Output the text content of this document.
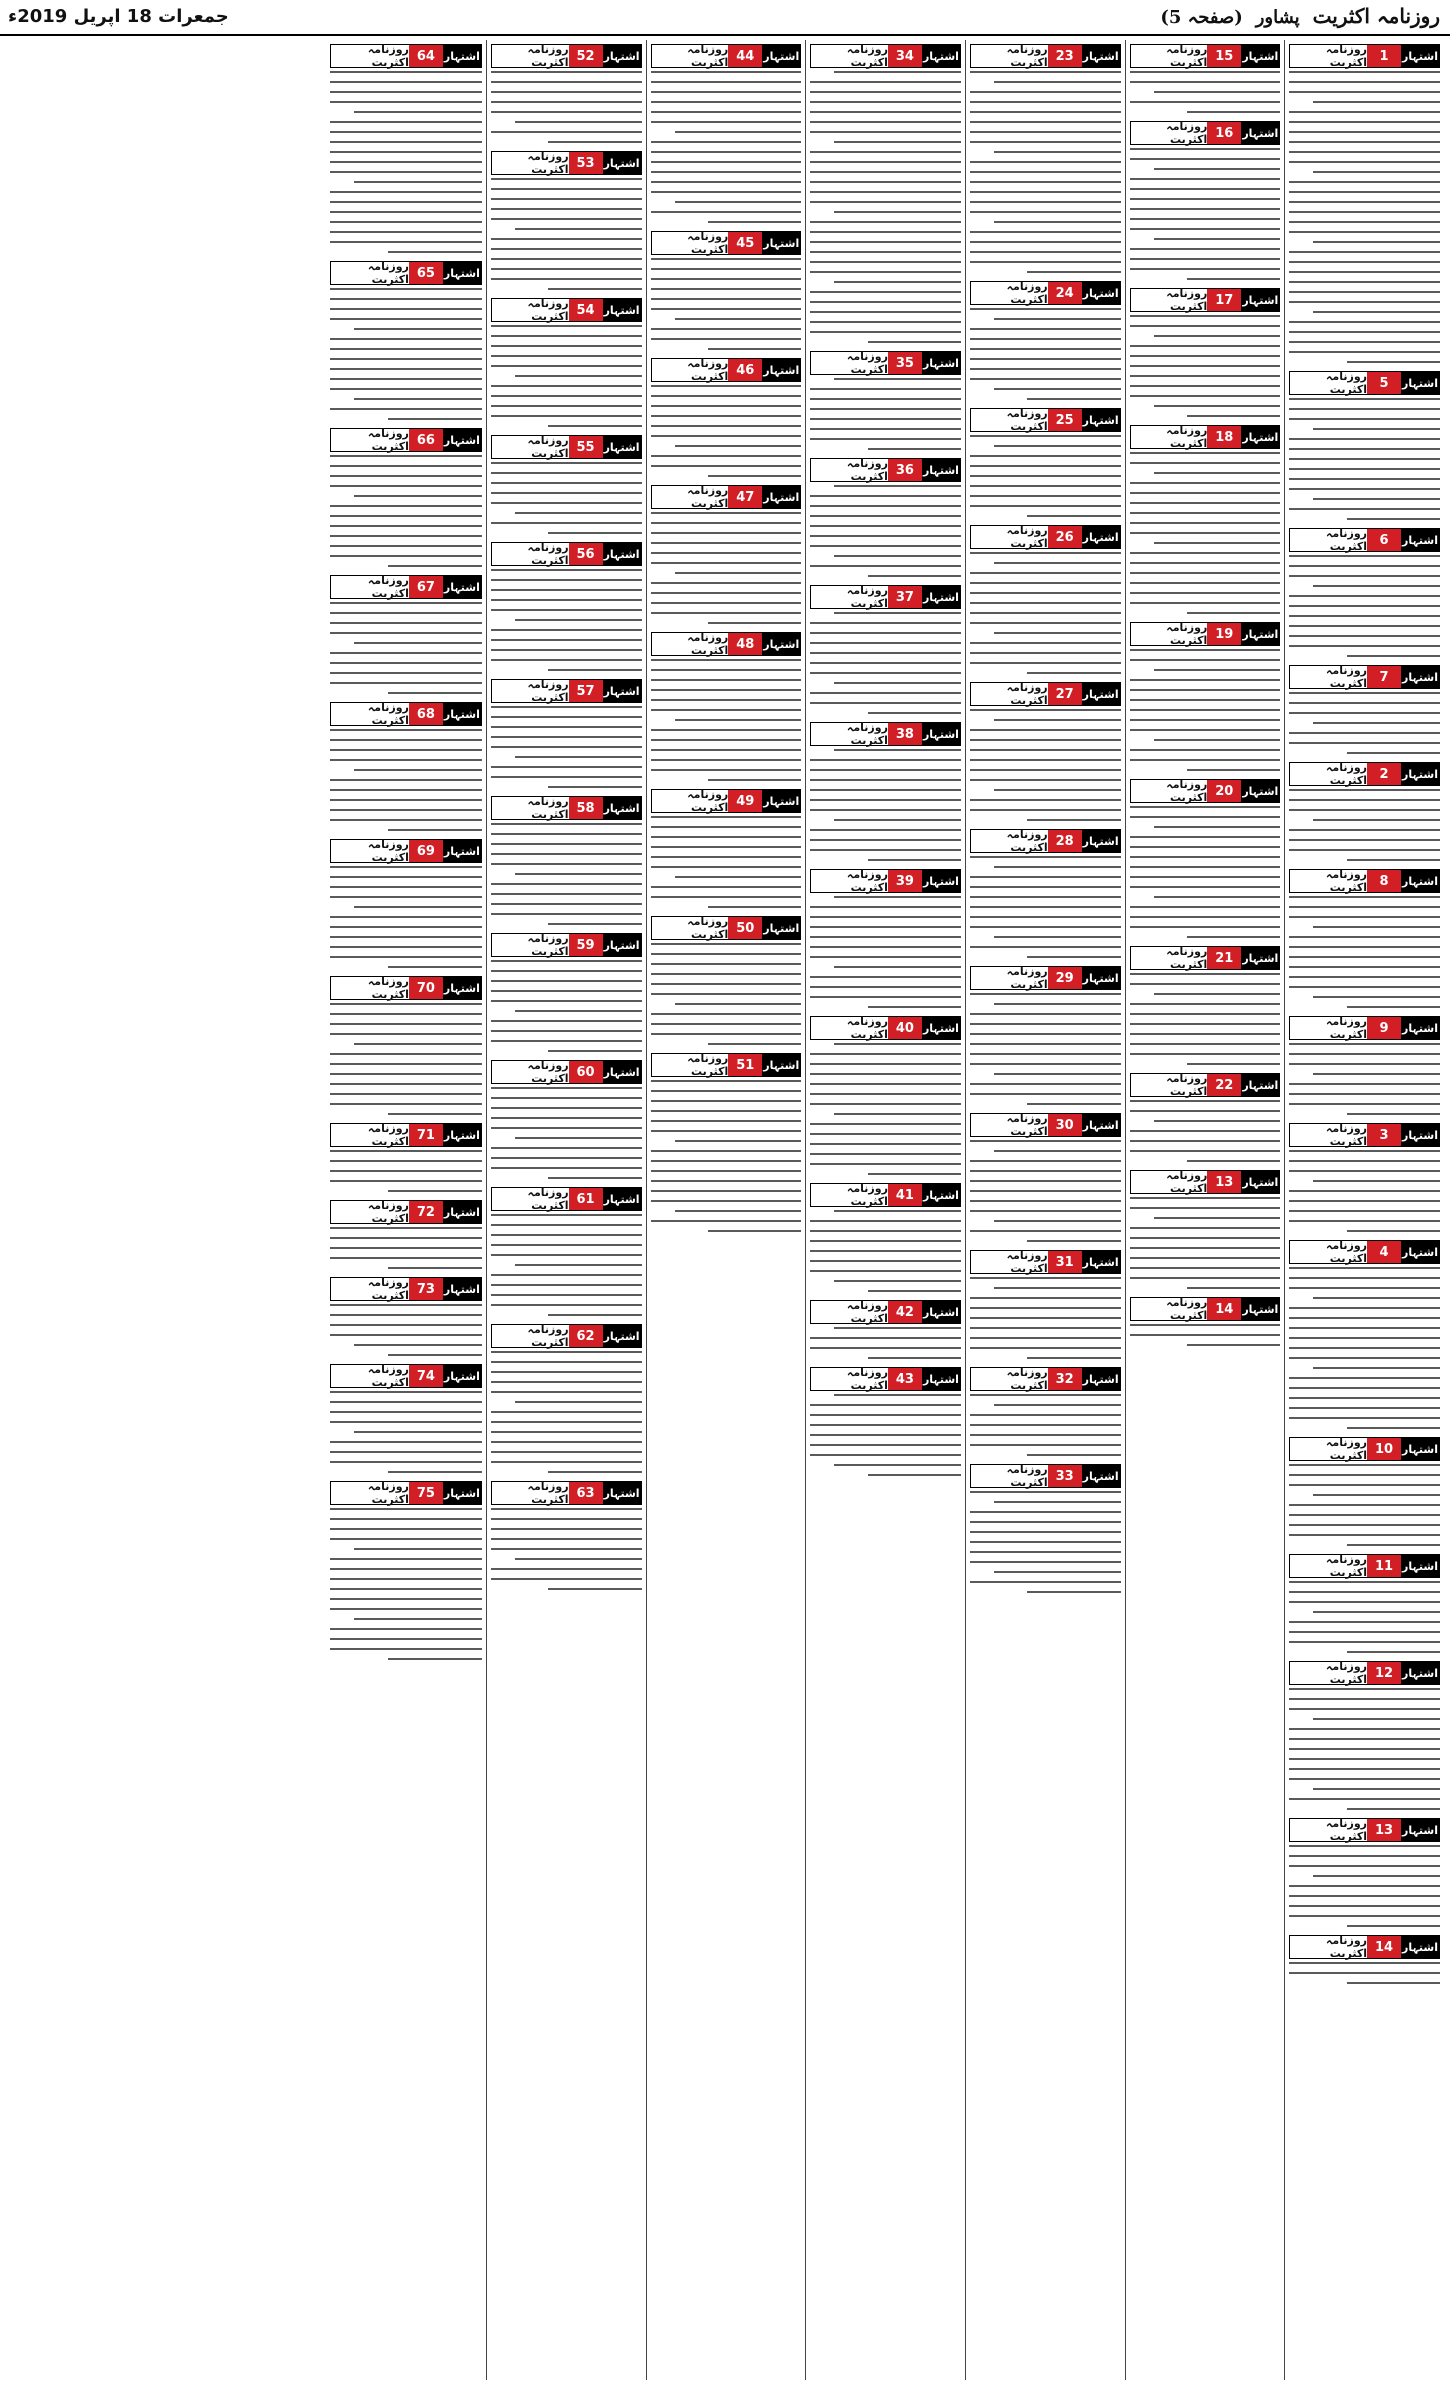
روزنامہ اکثریت پشاور (صفحہ 5)
جمعرات 18 اپریل 2019ء
اشتہار
1
روزنامہ اکثریت
اشتہار
5
روزنامہ اکثریت
اشتہار
6
روزنامہ اکثریت
اشتہار
7
روزنامہ اکثریت
اشتہار
2
روزنامہ اکثریت
اشتہار
8
روزنامہ اکثریت
اشتہار
9
روزنامہ اکثریت
اشتہار
3
روزنامہ اکثریت
اشتہار
4
روزنامہ اکثریت
اشتہار
10
روزنامہ اکثریت
اشتہار
11
روزنامہ اکثریت
اشتہار
12
روزنامہ اکثریت
اشتہار
13
روزنامہ اکثریت
اشتہار
14
روزنامہ اکثریت
اشتہار
15
روزنامہ اکثریت
اشتہار
16
روزنامہ اکثریت
اشتہار
17
روزنامہ اکثریت
اشتہار
18
روزنامہ اکثریت
اشتہار
19
روزنامہ اکثریت
اشتہار
20
روزنامہ اکثریت
اشتہار
21
روزنامہ اکثریت
اشتہار
22
روزنامہ اکثریت
اشتہار
13
روزنامہ اکثریت
اشتہار
14
روزنامہ اکثریت
اشتہار
23
روزنامہ اکثریت
اشتہار
24
روزنامہ اکثریت
اشتہار
25
روزنامہ اکثریت
اشتہار
26
روزنامہ اکثریت
اشتہار
27
روزنامہ اکثریت
اشتہار
28
روزنامہ اکثریت
اشتہار
29
روزنامہ اکثریت
اشتہار
30
روزنامہ اکثریت
اشتہار
31
روزنامہ اکثریت
اشتہار
32
روزنامہ اکثریت
اشتہار
33
روزنامہ اکثریت
اشتہار
34
روزنامہ اکثریت
اشتہار
35
روزنامہ اکثریت
اشتہار
36
روزنامہ اکثریت
اشتہار
37
روزنامہ اکثریت
اشتہار
38
روزنامہ اکثریت
اشتہار
39
روزنامہ اکثریت
اشتہار
40
روزنامہ اکثریت
اشتہار
41
روزنامہ اکثریت
اشتہار
42
روزنامہ اکثریت
اشتہار
43
روزنامہ اکثریت
اشتہار
44
روزنامہ اکثریت
اشتہار
45
روزنامہ اکثریت
اشتہار
46
روزنامہ اکثریت
اشتہار
47
روزنامہ اکثریت
اشتہار
48
روزنامہ اکثریت
اشتہار
49
روزنامہ اکثریت
اشتہار
50
روزنامہ اکثریت
اشتہار
51
روزنامہ اکثریت
اشتہار
52
روزنامہ اکثریت
اشتہار
53
روزنامہ اکثریت
اشتہار
54
روزنامہ اکثریت
اشتہار
55
روزنامہ اکثریت
اشتہار
56
روزنامہ اکثریت
اشتہار
57
روزنامہ اکثریت
اشتہار
58
روزنامہ اکثریت
اشتہار
59
روزنامہ اکثریت
اشتہار
60
روزنامہ اکثریت
اشتہار
61
روزنامہ اکثریت
اشتہار
62
روزنامہ اکثریت
اشتہار
63
روزنامہ اکثریت
اشتہار
64
روزنامہ اکثریت
اشتہار
65
روزنامہ اکثریت
اشتہار
66
روزنامہ اکثریت
اشتہار
67
روزنامہ اکثریت
اشتہار
68
روزنامہ اکثریت
اشتہار
69
روزنامہ اکثریت
اشتہار
70
روزنامہ اکثریت
اشتہار
71
روزنامہ اکثریت
اشتہار
72
روزنامہ اکثریت
اشتہار
73
روزنامہ اکثریت
اشتہار
74
روزنامہ اکثریت
اشتہار
75
روزنامہ اکثریت
